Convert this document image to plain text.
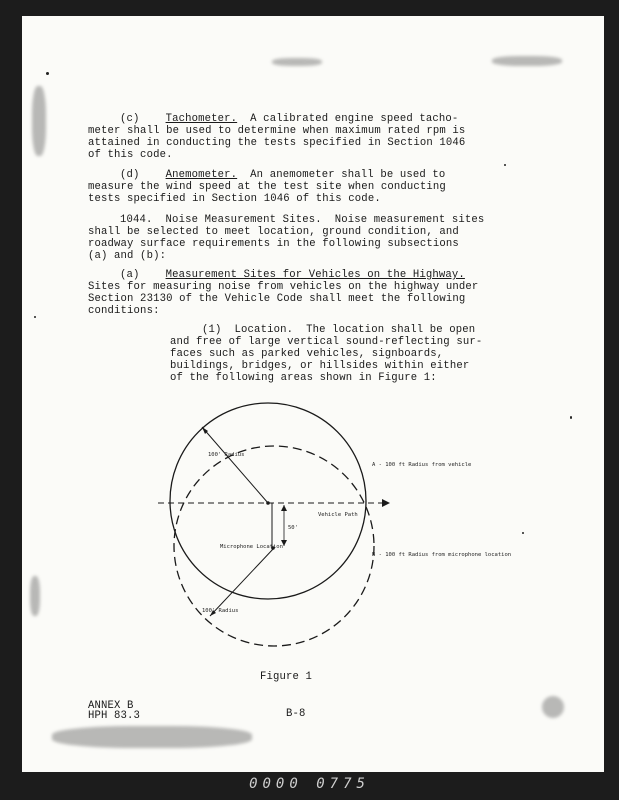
(c) Tachometer. A calibrated engine speed tacho-
meter shall be used to determine when maximum rated rpm is
attained in conducting the tests specified in Section 1046
of this code.
(d) Anemometer. An anemometer shall be used to
measure the wind speed at the test site when conducting
tests specified in Section 1046 of this code.
1044.  Noise Measurement Sites.  Noise measurement sites
shall be selected to meet location, ground condition, and
roadway surface requirements in the following subsections
(a) and (b):
(a) Measurement Sites for Vehicles on the Highway.
Sites for measuring noise from vehicles on the highway under
Section 23130 of the Vehicle Code shall meet the following
conditions:
(1)  Location.  The location shall be open
and free of large vertical sound-reflecting sur-
faces such as parked vehicles, signboards,
buildings, bridges, or hillsides within either
of the following areas shown in Figure 1:
100' Radius
100' Radius
Vehicle Path
50'
Microphone Location
A - 100 ft Radius from vehicle
B - 100 ft Radius from microphone location
Figure 1
ANNEX B
HPH 83.3	B-8
0000 0775
